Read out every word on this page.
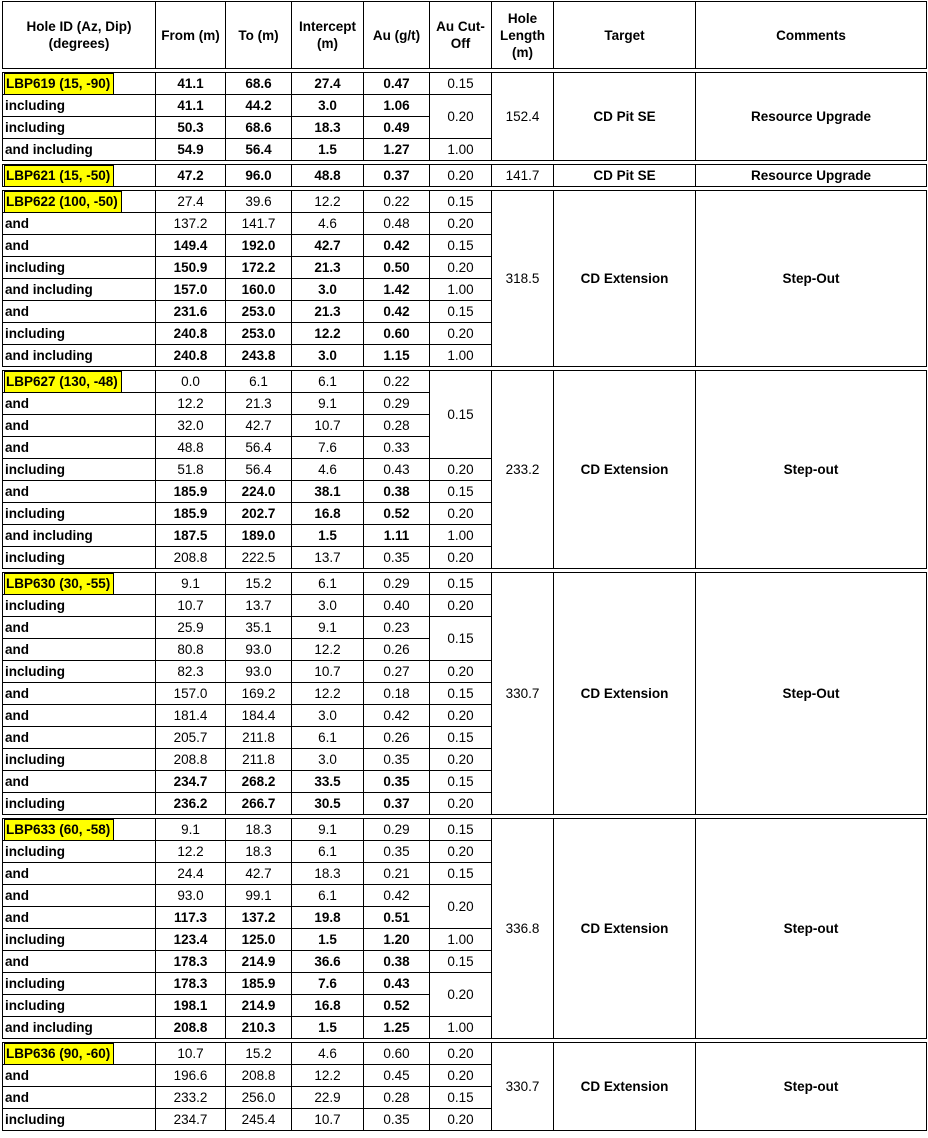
Hole ID (Az, Dip) (degrees)	From (m)	To (m)	Intercept (m)	Au (g/t)	Au Cut-Off	Hole Length (m)	Target	Comments

LBP619 (15, -90)	41.1	68.6	27.4	0.47	0.15	152.4	CD Pit SE	Resource Upgrade
including	41.1	44.2	3.0	1.06	0.20			
including	50.3	68.6	18.3	0.49				
and including	54.9	56.4	1.5	1.27	1.00			

LBP621 (15, -50)	47.2	96.0	48.8	0.37	0.20	141.7	CD Pit SE	Resource Upgrade

LBP622 (100, -50)	27.4	39.6	12.2	0.22	0.15	318.5	CD Extension	Step-Out
and	137.2	141.7	4.6	0.48	0.20			
and	149.4	192.0	42.7	0.42	0.15			
including	150.9	172.2	21.3	0.50	0.20			
and including	157.0	160.0	3.0	1.42	1.00			
and	231.6	253.0	21.3	0.42	0.15			
including	240.8	253.0	12.2	0.60	0.20			
and including	240.8	243.8	3.0	1.15	1.00			

LBP627 (130, -48)	0.0	6.1	6.1	0.22	0.15	233.2	CD Extension	Step-out
and	12.2	21.3	9.1	0.29				
and	32.0	42.7	10.7	0.28				
and	48.8	56.4	7.6	0.33				
including	51.8	56.4	4.6	0.43	0.20			
and	185.9	224.0	38.1	0.38	0.15			
including	185.9	202.7	16.8	0.52	0.20			
and including	187.5	189.0	1.5	1.11	1.00			
including	208.8	222.5	13.7	0.35	0.20			

LBP630 (30, -55)	9.1	15.2	6.1	0.29	0.15	330.7	CD Extension	Step-Out
including	10.7	13.7	3.0	0.40	0.20			
and	25.9	35.1	9.1	0.23	0.15			
and	80.8	93.0	12.2	0.26				
including	82.3	93.0	10.7	0.27	0.20			
and	157.0	169.2	12.2	0.18	0.15			
and	181.4	184.4	3.0	0.42	0.20			
and	205.7	211.8	6.1	0.26	0.15			
including	208.8	211.8	3.0	0.35	0.20			
and	234.7	268.2	33.5	0.35	0.15			
including	236.2	266.7	30.5	0.37	0.20			

LBP633 (60, -58)	9.1	18.3	9.1	0.29	0.15	336.8	CD Extension	Step-out
including	12.2	18.3	6.1	0.35	0.20			
and	24.4	42.7	18.3	0.21	0.15			
and	93.0	99.1	6.1	0.42	0.20			
and	117.3	137.2	19.8	0.51				
including	123.4	125.0	1.5	1.20	1.00			
and	178.3	214.9	36.6	0.38	0.15			
including	178.3	185.9	7.6	0.43	0.20			
including	198.1	214.9	16.8	0.52				
and including	208.8	210.3	1.5	1.25	1.00			

LBP636 (90, -60)	10.7	15.2	4.6	0.60	0.20	330.7	CD Extension	Step-out
and	196.6	208.8	12.2	0.45	0.20			
and	233.2	256.0	22.9	0.28	0.15			
including	234.7	245.4	10.7	0.35	0.20			
